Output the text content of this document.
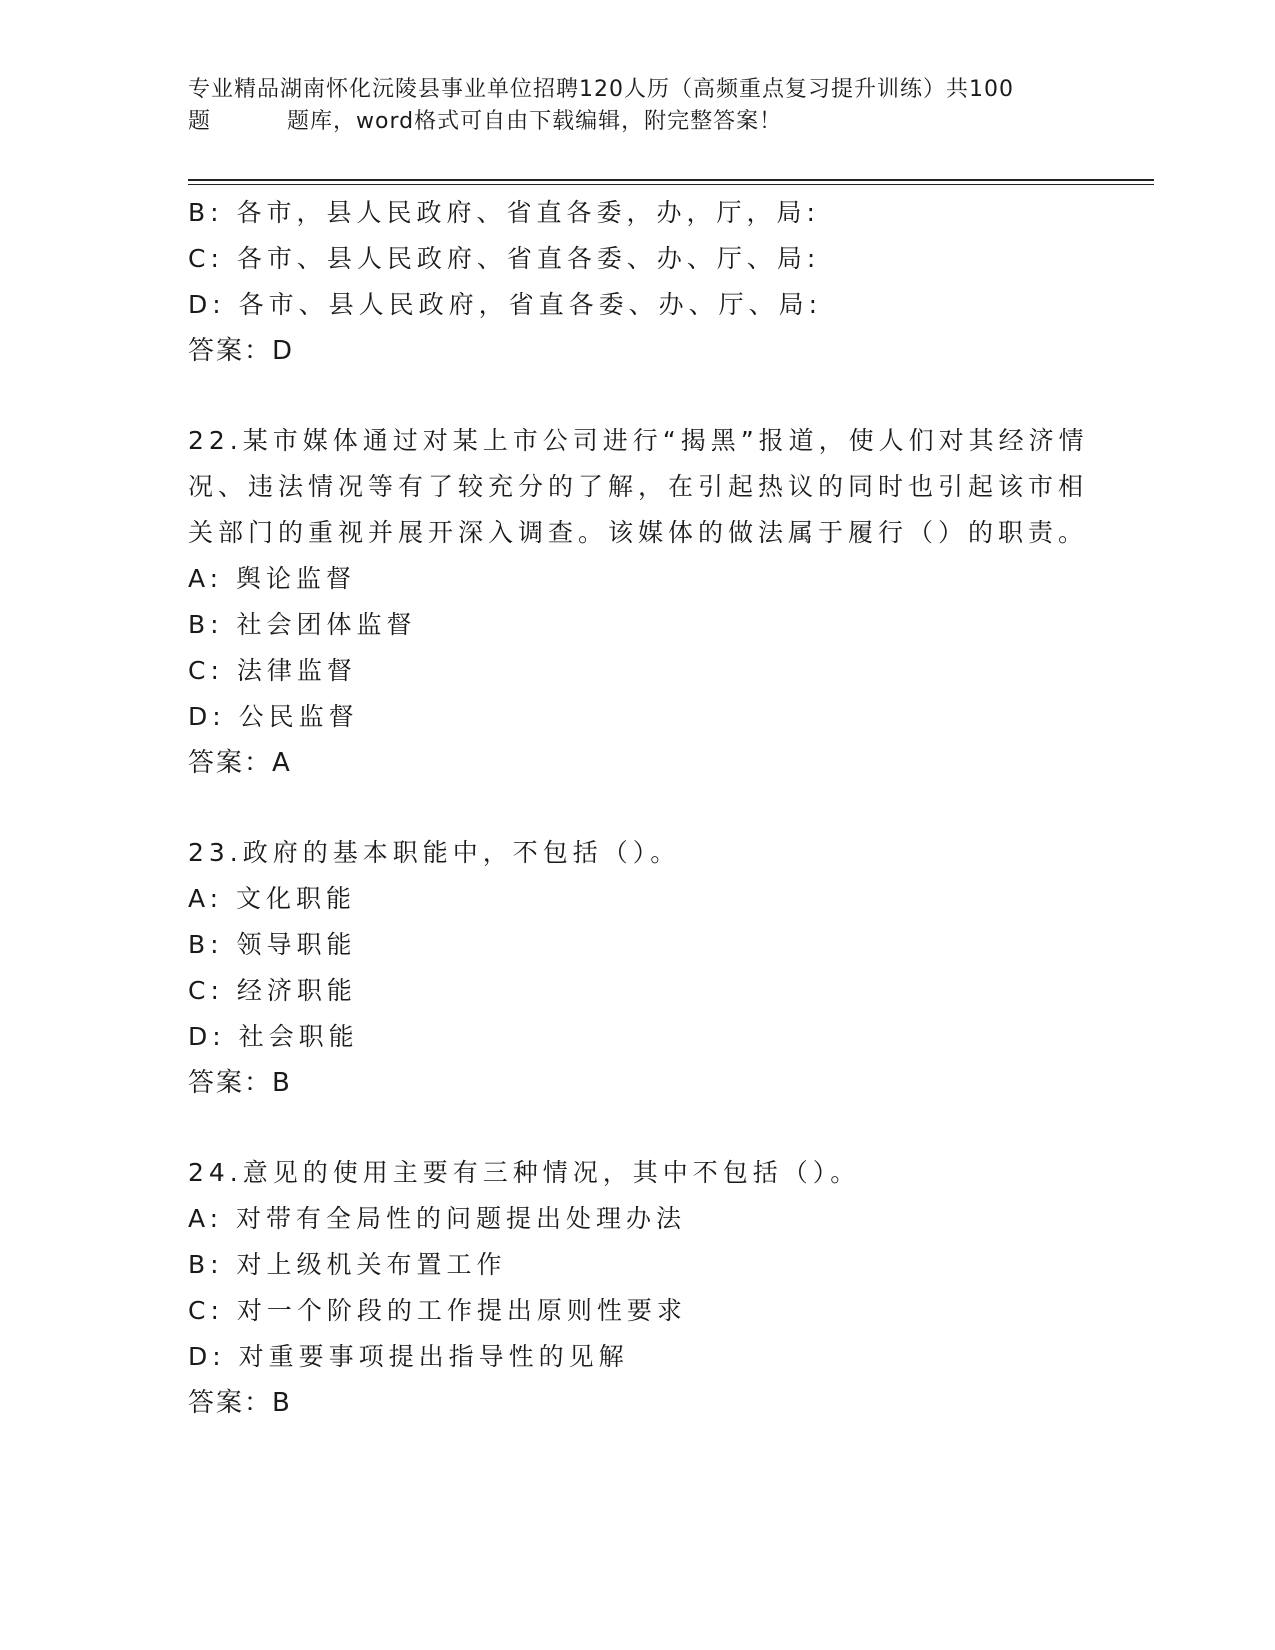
专业精品湖南怀化沅陵县事业单位招聘120人历（高频重点复习提升训练）共100
题	题库，word格式可自由下载编辑，附完整答案！
B: 各市，县人民政府、省直各委，办，厅，局:
C: 各市、县人民政府、省直各委、办、厅、局:
D: 各市、县人民政府，省直各委、办、厅、局:
答案：D
22.某市媒体通过对某上市公司进行“揭黑”报道，使人们对其经济情
况、违法情况等有了较充分的了解，在引起热议的同时也引起该市相
关部门的重视并展开深入调查。该媒体的做法属于履行（）的职责。
A: 舆论监督
B: 社会团体监督
C: 法律监督
D: 公民监督
答案：A
23.政府的基本职能中，不包括（）。
A: 文化职能
B: 领导职能
C: 经济职能
D: 社会职能
答案：B
24.意见的使用主要有三种情况，其中不包括（）。
A: 对带有全局性的问题提出处理办法
B: 对上级机关布置工作
C: 对一个阶段的工作提出原则性要求
D: 对重要事项提出指导性的见解
答案：B
